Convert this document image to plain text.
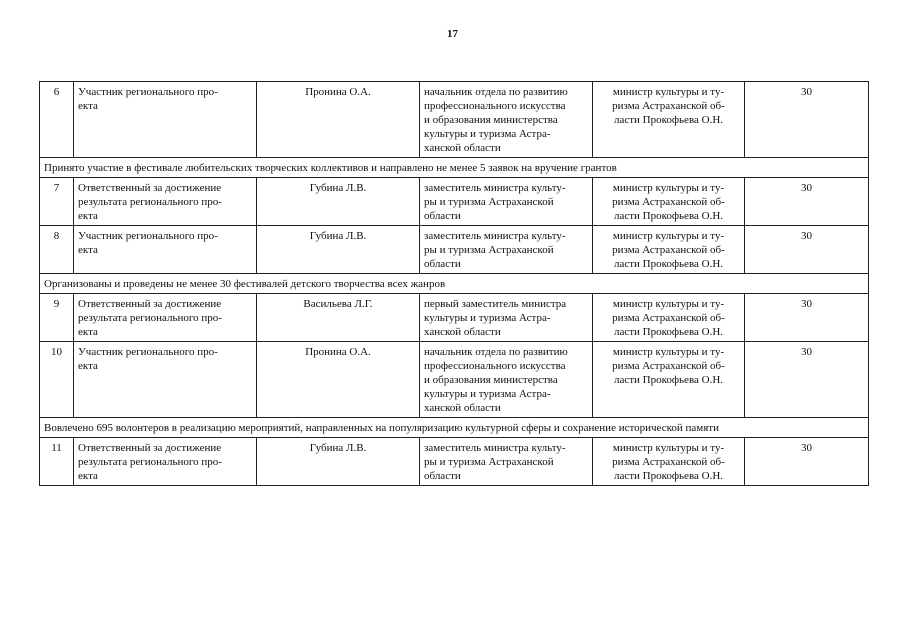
17
6	Участник регионального про-
екта	Пронина О.А.	начальник отдела по развитию
профессионального искусства
и образования министерства
культуры и туризма Астра-
ханской области	министр культуры и ту-
ризма Астраханской об-
ласти Прокофьева О.Н.	30
Принято участие в фестивале любительских творческих коллективов и направлено не менее 5 заявок на вручение грантов					
7	Ответственный за достижение
результата регионального про-
екта	Губина Л.В.	заместитель министра культу-
ры и туризма Астраханской
области	министр культуры и ту-
ризма Астраханской об-
ласти Прокофьева О.Н.	30
8	Участник регионального про-
екта	Губина Л.В.	заместитель министра культу-
ры и туризма Астраханской
области	министр культуры и ту-
ризма Астраханской об-
ласти Прокофьева О.Н.	30
Организованы и проведены не менее 30 фестивалей детского творчества всех жанров					
9	Ответственный за достижение
результата регионального про-
екта	Васильева Л.Г.	первый заместитель министра
культуры и туризма Астра-
ханской области	министр культуры и ту-
ризма Астраханской об-
ласти Прокофьева О.Н.	30
10	Участник регионального про-
екта	Пронина О.А.	начальник отдела по развитию
профессионального искусства
и образования министерства
культуры и туризма Астра-
ханской области	министр культуры и ту-
ризма Астраханской об-
ласти Прокофьева О.Н.	30
Вовлечено 695 волонтеров в реализацию мероприятий, направленных на популяризацию культурной сферы и сохранение исторической памяти					
11	Ответственный за достижение
результата регионального про-
екта	Губина Л.В.	заместитель министра культу-
ры и туризма Астраханской
области	министр культуры и ту-
ризма Астраханской об-
ласти Прокофьева О.Н.	30
